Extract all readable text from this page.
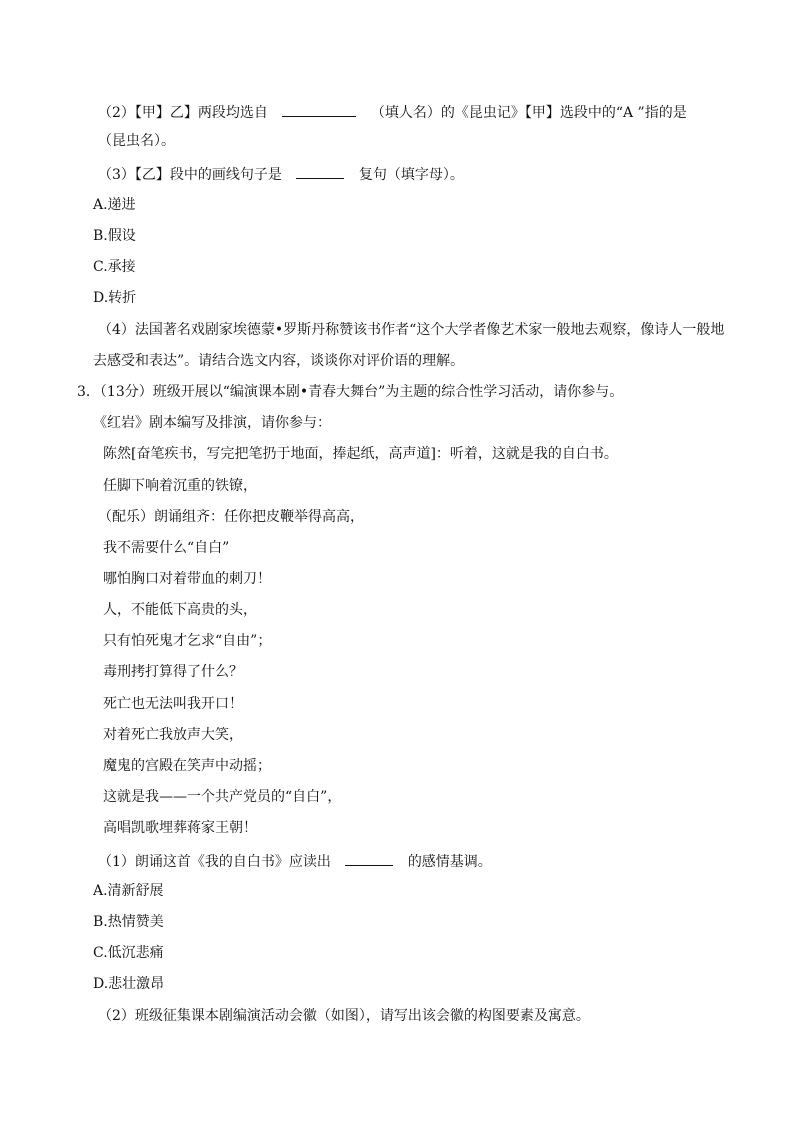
（2）【甲】乙】两段均选自	（填人名）的《昆虫记》【甲】选段中的“A ”指的是
（昆虫名）。
（3）【乙】段中的画线句子是	复句（填字母）。
A.递进
B.假设
C.承接
D.转折
（4）法国著名戏剧家埃德蒙•罗斯丹称赞该书作者“这个大学者像艺术家一般地去观察，像诗人一般地
去感受和表达”。请结合选文内容，谈谈你对评价语的理解。
3．（13分）班级开展以“编演课本剧•青春大舞台”为主题的综合性学习活动，请你参与。
《红岩》剧本编写及排演，请你参与：
陈然[奋笔疾书，写完把笔扔于地面，捧起纸，高声道]：听着，这就是我的自白书。
任脚下响着沉重的铁镣，
（配乐）朗诵组齐：任你把皮鞭举得高高，
我不需要什么“自白”
哪怕胸口对着带血的刺刀！
人，不能低下高贵的头，
只有怕死鬼才乞求“自由”；
毒刑拷打算得了什么？
死亡也无法叫我开口！
对着死亡我放声大笑，
魔鬼的宫殿在笑声中动摇；
这就是我——一个共产党员的“自白”，
高唱凯歌埋葬蒋家王朝！
（1）朗诵这首《我的自白书》应读出	的感情基调。
A.清新舒展
B.热情赞美
C.低沉悲痛
D.悲壮激昂
（2）班级征集课本剧编演活动会徽（如图），请写出该会徽的构图要素及寓意。
